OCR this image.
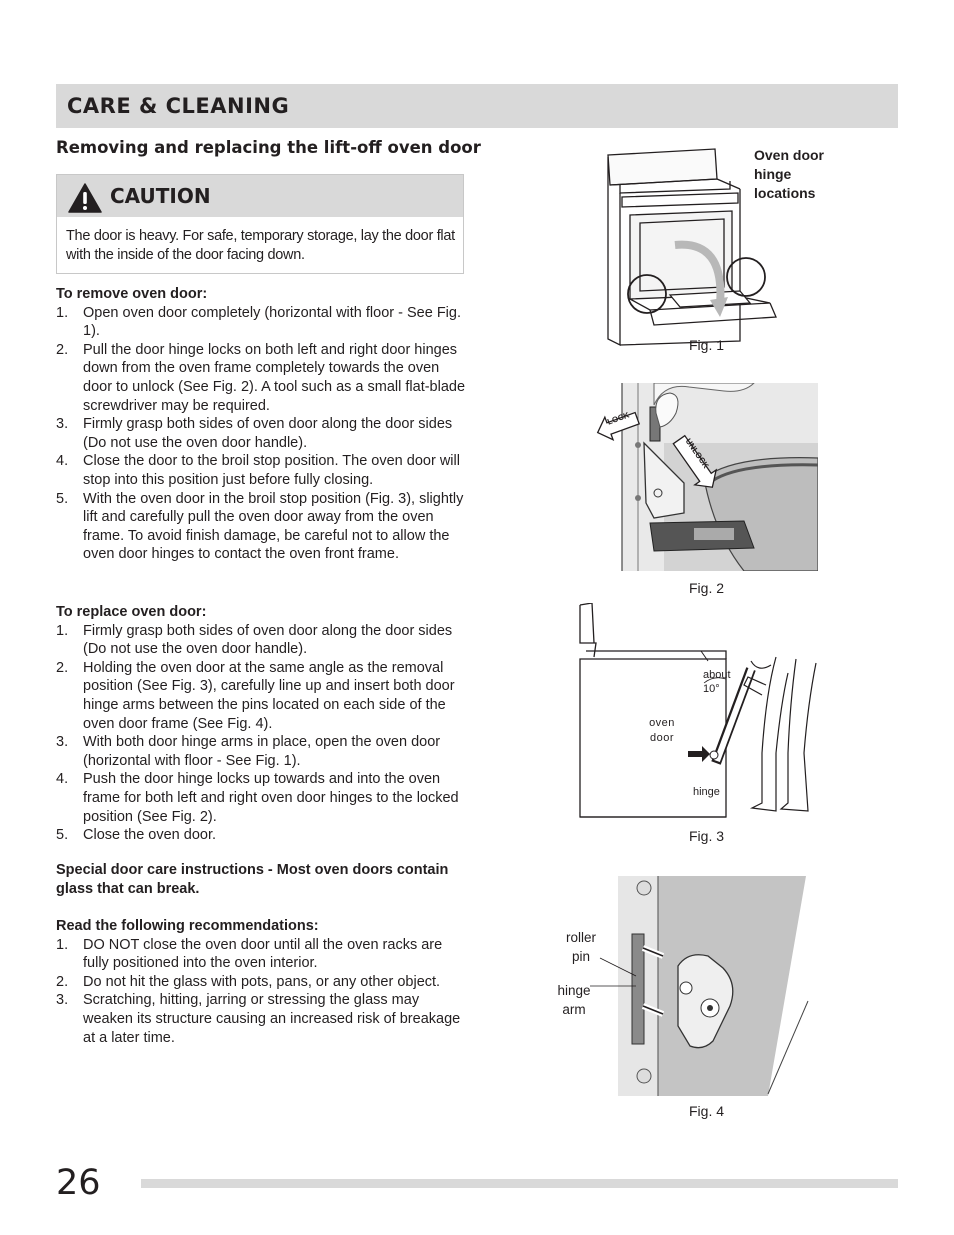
CARE & CLEANING
Removing and replacing the lift-off oven door
CAUTION
The door is heavy. For safe, temporary storage, lay the door flat with the inside of the door facing down.

To remove oven door:

1. Open oven door completely (horizontal with floor - See Fig. 1).
2. Pull the door hinge locks on both left and right door hinges down from the oven frame completely towards the oven door to unlock (See Fig. 2). A tool such as a small flat-blade screwdriver may be required.
3. Firmly grasp both sides of oven door along the door sides (Do not use the oven door handle).
4. Close the door to the broil stop position. The oven door will stop into this position just before fully closing.
5. With the oven door in the broil stop position (Fig. 3), slightly lift and carefully pull the oven door away from the oven frame. To avoid finish damage, be careful not to allow the oven door hinges to contact the oven front frame.

To replace oven door:

1. Firmly grasp both sides of oven door along the door sides (Do not use the oven door handle).
2. Holding the oven door at the same angle as the removal position (See Fig. 3), carefully line up and insert both door hinge arms between the pins located on each side of the oven door frame (See Fig. 4).
3. With both door hinge arms in place, open the oven door (horizontal with floor - See Fig. 1).
4. Push the door hinge locks up towards and into the oven frame for both left and right oven door hinges to the locked position (See Fig. 2).
5. Close the oven door.

Special door care instructions - Most oven doors contain glass that can break.

Read the following recommendations:

1. DO NOT close the oven door until all the oven racks are fully positioned into the oven interior.
2. Do not hit the glass with pots, pans, or any other object.
3. Scratching, hitting, jarring or stressing the glass may weaken its structure causing an increased risk of breakage at a later time.
Oven door hinge locations
Fig. 1
LOCK
UNLOCK
Fig. 2
about 10°
oven door
hinge
Fig. 3
roller pin
hinge arm
Fig. 4
26
